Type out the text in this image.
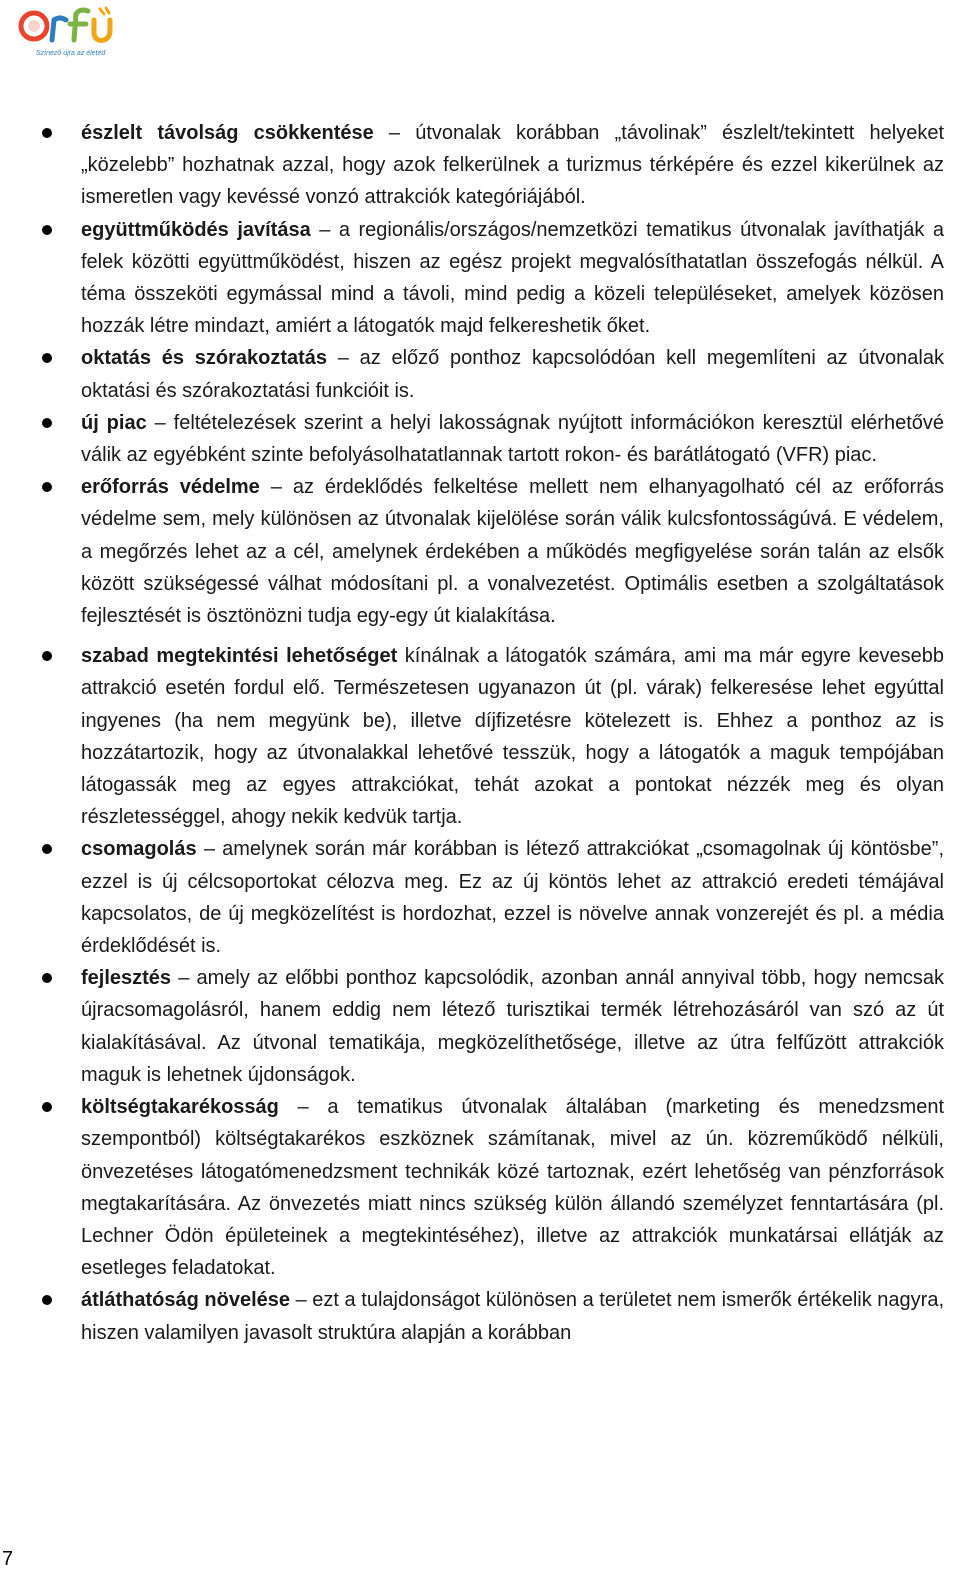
Színező újra az életed
észlelt távolság csökkentése – útvonalak korábban „távolinak” észlelt/tekintett helyeket „közelebb” hozhatnak azzal, hogy azok felkerülnek a turizmus térképére és ezzel kikerülnek az ismeretlen vagy kevéssé vonzó attrakciók kategóriájából.
együttműködés javítása – a regionális/országos/nemzetközi tematikus útvonalak javíthatják a felek közötti együttműködést, hiszen az egész projekt megvalósíthatatlan összefogás nélkül. A téma összeköti egymással mind a távoli, mind pedig a közeli településeket, amelyek közösen hozzák létre mindazt, amiért a látogatók majd felkereshetik őket.
oktatás és szórakoztatás – az előző ponthoz kapcsolódóan kell megemlíteni az útvonalak oktatási és szórakoztatási funkcióit is.
új piac – feltételezések szerint a helyi lakosságnak nyújtott információkon keresztül elérhetővé válik az egyébként szinte befolyásolhatatlannak tartott rokon- és barátlátogató (VFR) piac.
erőforrás védelme – az érdeklődés felkeltése mellett nem elhanyagolható cél az erőforrás védelme sem, mely különösen az útvonalak kijelölése során válik kulcsfontosságúvá. E védelem, a megőrzés lehet az a cél, amelynek érdekében a működés megfigyelése során talán az elsők között szükségessé válhat módosítani pl. a vonalvezetést. Optimális esetben a szolgáltatások fejlesztését is ösztönözni tudja egy-egy út kialakítása.
szabad megtekintési lehetőséget kínálnak a látogatók számára, ami ma már egyre kevesebb attrakció esetén fordul elő. Természetesen ugyanazon út (pl. várak) felkeresése lehet egyúttal ingyenes (ha nem megyünk be), illetve díjfizetésre kötelezett is. Ehhez a ponthoz az is hozzátartozik, hogy az útvonalakkal lehetővé tesszük, hogy a látogatók a maguk tempójában látogassák meg az egyes attrakciókat, tehát azokat a pontokat nézzék meg és olyan részletességgel, ahogy nekik kedvük tartja.
csomagolás – amelynek során már korábban is létező attrakciókat „csomagolnak új köntösbe”, ezzel is új célcsoportokat célozva meg. Ez az új köntös lehet az attrakció eredeti témájával kapcsolatos, de új megközelítést is hordozhat, ezzel is növelve annak vonzerejét és pl. a média érdeklődését is.
fejlesztés – amely az előbbi ponthoz kapcsolódik, azonban annál annyival több, hogy nemcsak újracsomagolásról, hanem eddig nem létező turisztikai termék létrehozásáról van szó az út kialakításával. Az útvonal tematikája, megközelíthetősége, illetve az útra felfűzött attrakciók maguk is lehetnek újdonságok.
költségtakarékosság – a tematikus útvonalak általában (marketing és menedzsment szempontból) költségtakarékos eszköznek számítanak, mivel az ún. közreműködő nélküli, önvezetéses látogatómenedzsment technikák közé tartoznak, ezért lehetőség van pénzforrások megtakarítására. Az önvezetés miatt nincs szükség külön állandó személyzet fenntartására (pl. Lechner Ödön épületeinek a megtekintéséhez), illetve az attrakciók munkatársai ellátják az esetleges feladatokat.
átláthatóság növelése – ezt a tulajdonságot különösen a területet nem ismerők értékelik nagyra, hiszen valamilyen javasolt struktúra alapján a korábban
7
